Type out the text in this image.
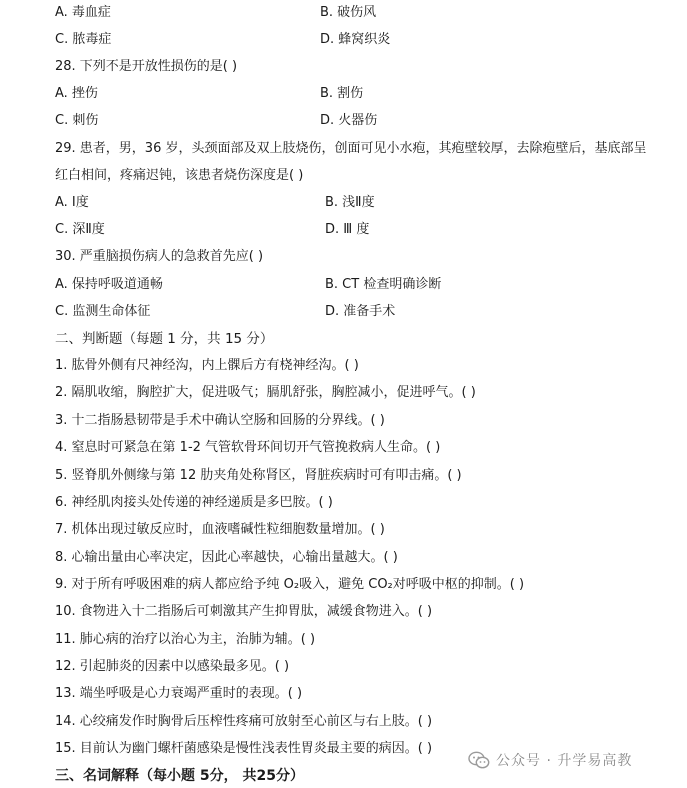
A. 毒血症	B. 破伤风
C. 脓毒症	D. 蜂窝织炎
28. 下列不是开放性损伤的是( )
A. 挫伤	B. 割伤
C. 刺伤	D. 火器伤
29. 患者，男，36 岁，头颈面部及双上肢烧伤，创面可见小水疱，其疱壁较厚，去除疱壁后，基底部呈红白相间，疼痛迟钝，该患者烧伤深度是( )
A. Ⅰ度	B. 浅Ⅱ度
C. 深Ⅱ度	D. Ⅲ 度
30. 严重脑损伤病人的急救首先应( )
A. 保持呼吸道通畅	B. CT 检查明确诊断
C. 监测生命体征	D. 准备手术
二、判断题（每题 1 分，共 15 分）
1. 肱骨外侧有尺神经沟，内上髁后方有桡神经沟。( )
2. 隔肌收缩，胸腔扩大，促进吸气；膈肌舒张，胸腔减小，促进呼气。( )
3. 十二指肠悬韧带是手术中确认空肠和回肠的分界线。( )
4. 窒息时可紧急在第 1-2 气管软骨环间切开气管挽救病人生命。( )
5. 竖脊肌外侧缘与第 12 肋夹角处称肾区，肾脏疾病时可有叩击痛。( )
6. 神经肌肉接头处传递的神经递质是多巴胺。( )
7. 机体出现过敏反应时，血液嗜碱性粒细胞数量增加。( )
8. 心输出量由心率决定，因此心率越快，心输出量越大。( )
9. 对于所有呼吸困难的病人都应给予纯 O₂吸入，避免 CO₂对呼吸中枢的抑制。( )
10. 食物进入十二指肠后可刺激其产生抑胃肽，减缓食物进入。( )
11. 肺心病的治疗以治心为主，治肺为辅。( )
12. 引起肺炎的因素中以感染最多见。( )
13. 端坐呼吸是心力衰竭严重时的表现。( )
14. 心绞痛发作时胸骨后压榨性疼痛可放射至心前区与右上肢。( )
15. 目前认为幽门螺杆菌感染是慢性浅表性胃炎最主要的病因。( )
三、名词解释（每小题 5分， 共25分）
公众号 · 升学易高教
